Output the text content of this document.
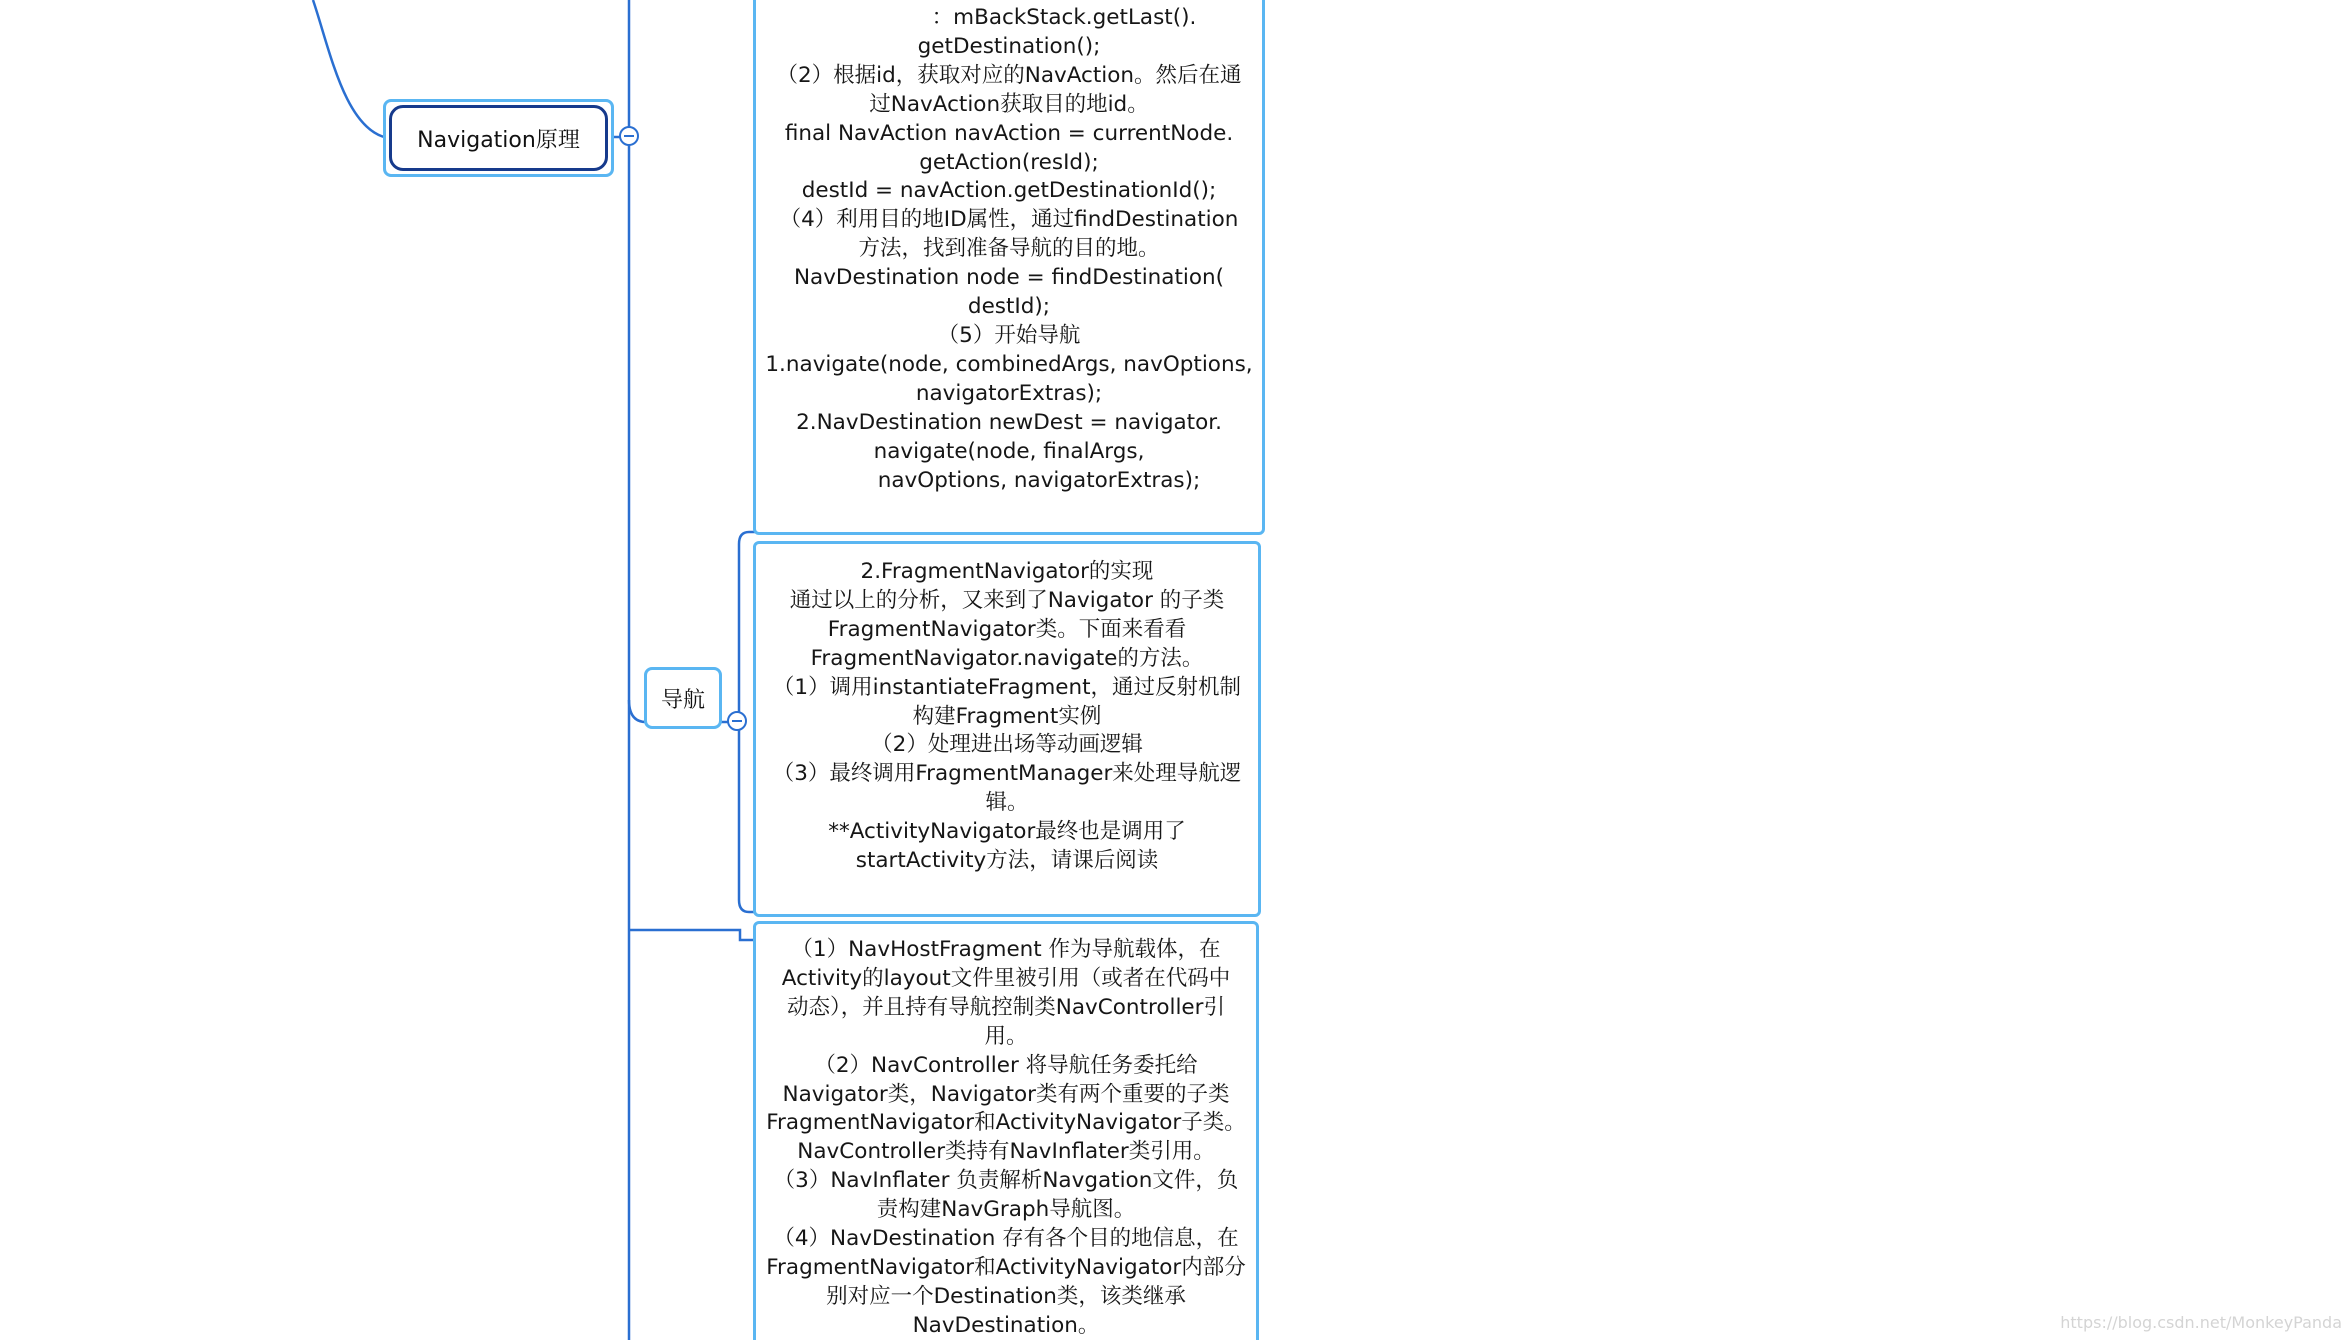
Navigation原理
导航
：mBackStack.getLast().
getDestination();
（2）根据id，获取对应的NavAction。然后在通
过NavAction获取目的地id。
final NavAction navAction = currentNode.
getAction(resId);
destId = navAction.getDestinationId();
（4）利用目的地ID属性，通过findDestination
方法，找到准备导航的目的地。
NavDestination node = findDestination(
destId);
（5）开始导航
1.navigate(node, combinedArgs, navOptions,
navigatorExtras);
2.NavDestination newDest = navigator.
navigate(node, finalArgs,
navOptions, navigatorExtras);
2.FragmentNavigator的实现
通过以上的分析，又来到了Navigator 的子类
FragmentNavigator类。下面来看看
FragmentNavigator.navigate的方法。
（1）调用instantiateFragment，通过反射机制
构建Fragment实例
（2）处理进出场等动画逻辑
（3）最终调用FragmentManager来处理导航逻
辑。
**ActivityNavigator最终也是调用了
startActivity方法，请课后阅读
（1）NavHostFragment 作为导航载体，在
Activity的layout文件里被引用（或者在代码中
动态），并且持有导航控制类NavController引
用。
（2）NavController 将导航任务委托给
Navigator类，Navigator类有两个重要的子类
FragmentNavigator和ActivityNavigator子类。
NavController类持有NavInflater类引用。
（3）NavInflater 负责解析Navgation文件，负
责构建NavGraph导航图。
（4）NavDestination 存有各个目的地信息，在
FragmentNavigator和ActivityNavigator内部分
别对应一个Destination类，该类继承
NavDestination。	https://blog.csdn.net/MonkeyPanda
